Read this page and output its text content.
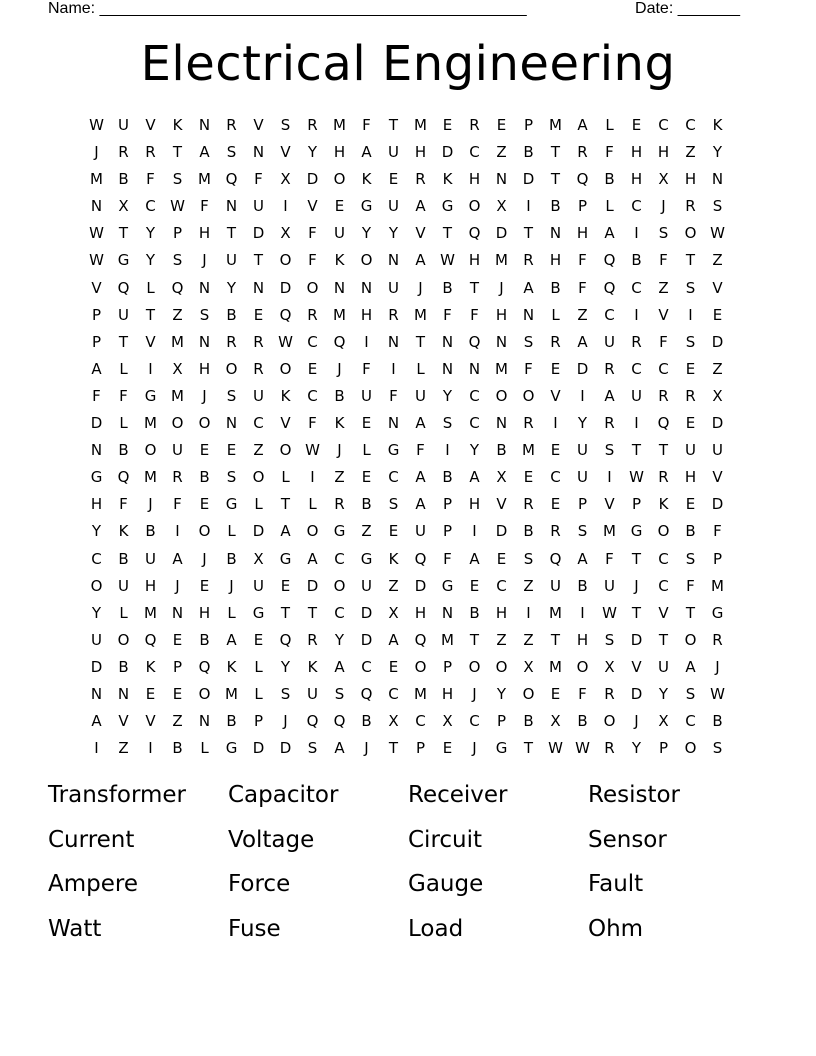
Name: ________________________________________________	Date: _______
Electrical Engineering
W U	V	K	N	R	V	S	R	M	F	T	M	E	R	E	P	M	A	L	E	C	C	K
J	R	R	T	A	S	N	V	Y	H	A	U	H	D	C	Z	B	T	R	F	H	H	Z	Y
M	B	F	S	M Q	F	X	D	O	K	E	R	K	H	N	D	T	Q	B	H	X	H	N
N	X	C W	F	N	U	I	V	E	G	U	A	G	O	X	I	B	P	L	C	J	R	S
W T	Y	P	H	T	D	X	F	U	Y	Y	V	T	Q	D	T	N	H	A	I	S	O W
W G	Y	S	J	U	T	O	F	K	O	N	A W H M	R	H	F	Q	B	F	T	Z
V	Q	L	Q	N	Y	N	D	O	N	N	U	J	B	T	J	A	B	F	Q	C	Z	S	V
P	U	T	Z	S	B	E	Q	R	M H	R	M	F	F	H	N	L	Z	C	I	V	I	E
P	T	V	M N	R	R W C	Q	I	N	T	N	Q	N	S	R	A	U	R	F	S	D
A	L	I	X	H	O	R	O	E	J	F	I	L	N	N M	F	E	D	R	C	C	E	Z
F	F	G M	J	S	U	K	C	B	U	F	U	Y	C	O	O	V	I	A	U	R	R	X
D	L	M O	O	N	C	V	F	K	E	N	A	S	C	N	R	I	Y	R	I	Q	E	D
N	B	O	U	E	E	Z	O W	J	L	G	F	I	Y	B	M	E	U	S	T	T	U	U
G	Q M	R	B	S	O	L	I	Z	E	C	A	B	A	X	E	C	U	I	W R	H	V
H	F	J	F	E	G	L	T	L	R	B	S	A	P	H	V	R	E	P	V	P	K	E	D
Y	K	B	I	O	L	D	A	O	G	Z	E	U	P	I	D	B	R	S	M G	O	B	F
C	B	U	A	J	B	X	G	A	C	G	K	Q	F	A	E	S	Q	A	F	T	C	S	P
O	U	H	J	E	J	U	E	D	O	U	Z	D	G	E	C	Z	U	B	U	J	C	F	M
Y	L	M N	H	L	G	T	T	C	D	X	H	N	B	H	I	M	I	W T	V	T	G
U	O	Q	E	B	A	E	Q	R	Y	D	A	Q M	T	Z	Z	T	H	S	D	T	O	R
D	B	K	P	Q	K	L	Y	K	A	C	E	O	P	O	O	X	M O	X	V	U	A	J
N	N	E	E	O M	L	S	U	S	Q	C	M H	J	Y	O	E	F	R	D	Y	S W
A	V	V	Z	N	B	P	J	Q	Q	B	X	C	X	C	P	B	X	B	O	J	X	C	B
I	Z	I	B	L	G	D	D	S	A	J	T	P	E	J	G	T	W W R	Y	P	O	S
Transformer	Capacitor	Receiver	Resistor
Current	Voltage	Circuit	Sensor
Ampere	Force	Gauge	Fault
Watt	Fuse	Load	Ohm
